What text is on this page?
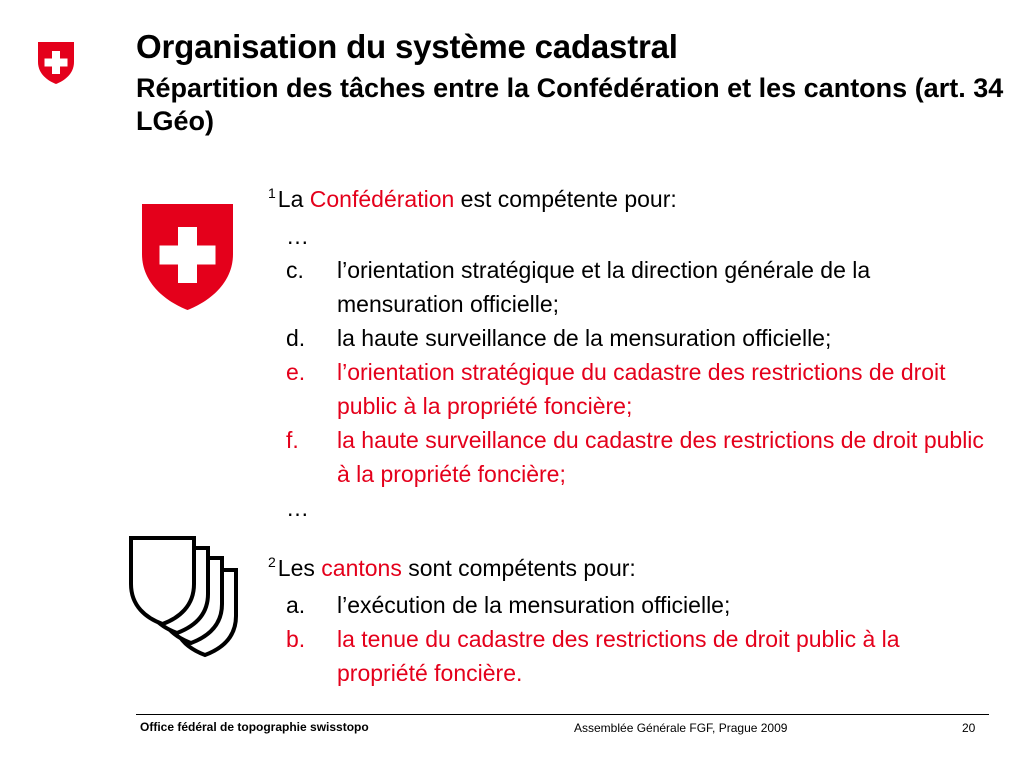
Organisation du système cadastral
Répartition des tâches entre la Confédération et les cantons (art. 34 LGéo)
$^1$La Confédération est compétente pour:
…
c.	l’orientation stratégique et la direction générale de la mensuration officielle;
d.	la haute surveillance de la mensuration officielle;
e.	l’orientation stratégique du cadastre des restrictions de droit public à la propriété foncière;
f.	la haute surveillance du cadastre des restrictions de droit public à la propriété foncière;
…
$^2$Les cantons sont compétents pour:
a.	l’exécution de la mensuration officielle;
b.	la tenue du cadastre des restrictions de droit public à la propriété foncière.
Office fédéral de topographie swisstopo	Assemblée Générale FGF, Prague 2009	20
